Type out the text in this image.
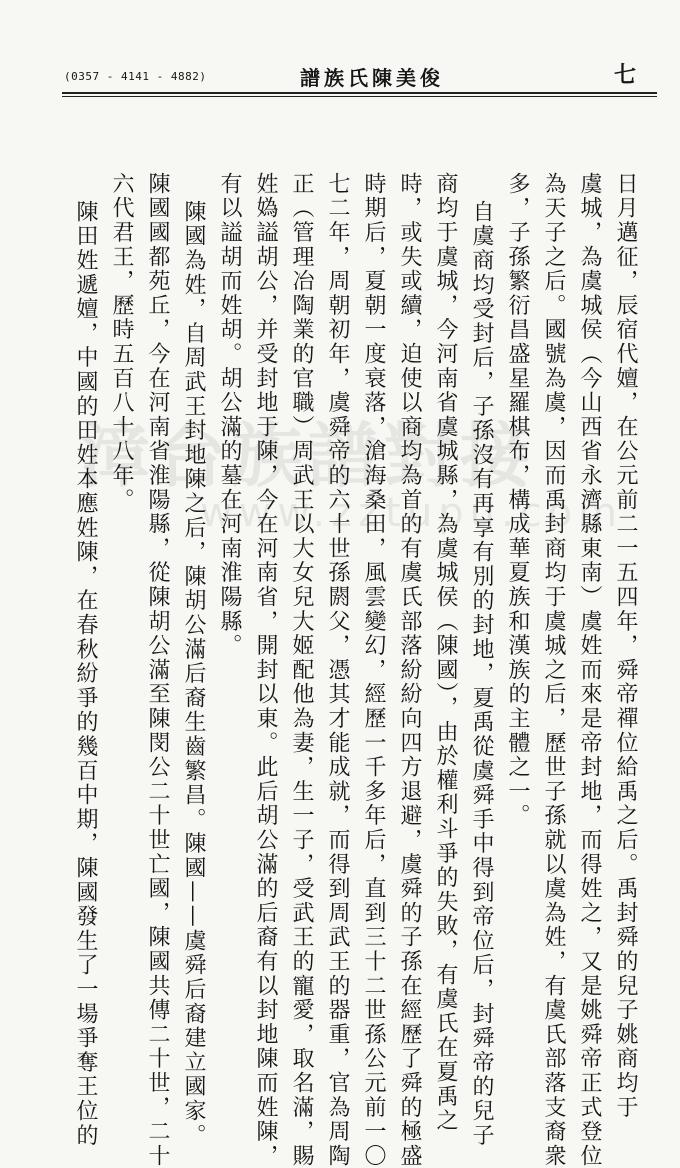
(0357 - 4141 - 4882)	譜族氏陳美俊	七
漳台族譜對接
www.zztupu.com
日月邁征，辰宿代嬗，在公元前二一五四年，舜帝禪位給禹之后。禹封舜的兒子姚商均于
虞城，為虞城侯（今山西省永濟縣東南）虞姓而來是帝封地，而得姓之，又是姚舜帝正式登位
為天子之后。國號為虞，因而禹封商均于虞城之后，歷世子孫就以虞為姓，有虞氏部落支裔衆
多，子孫繁衍昌盛星羅棋布，構成華夏族和漢族的主體之一。
自虞商均受封后，子孫沒有再享有別的封地，夏禹從虞舜手中得到帝位后，封舜帝的兒子
商均于虞城，今河南省虞城縣，為虞城侯（陳國），由於權利斗爭的失敗，有虞氏在夏禹之
時，或失或續，迫使以商均為首的有虞氏部落紛紛向四方退避，虞舜的子孫在經歷了舜的極盛
時期后，夏朝一度衰落，滄海桑田，風雲變幻，經歷一千多年后，直到三十二世孫公元前一〇
七二年，周朝初年，虞舜帝的六十世孫閼父，憑其才能成就，而得到周武王的器重，官為周陶
正（管理冶陶業的官職）周武王以大女兒大姬配他為妻，生一子，受武王的寵愛，取名滿，賜
姓媯謚胡公，并受封地于陳，今在河南省，開封以東。此后胡公滿的后裔有以封地陳而姓陳，
有以謚胡而姓胡。胡公滿的墓在河南淮陽縣。
陳國為姓，自周武王封地陳之后，陳胡公滿后裔生齒繁昌。陳國——虞舜后裔建立國家。
陳國國都苑丘，今在河南省淮陽縣，從陳胡公滿至陳閔公二十世亡國，陳國共傳二十世，二十
六代君王，歷時五百八十八年。
陳田姓遞嬗，中國的田姓本應姓陳，在春秋紛爭的幾百中期，陳國發生了一場爭奪王位的
